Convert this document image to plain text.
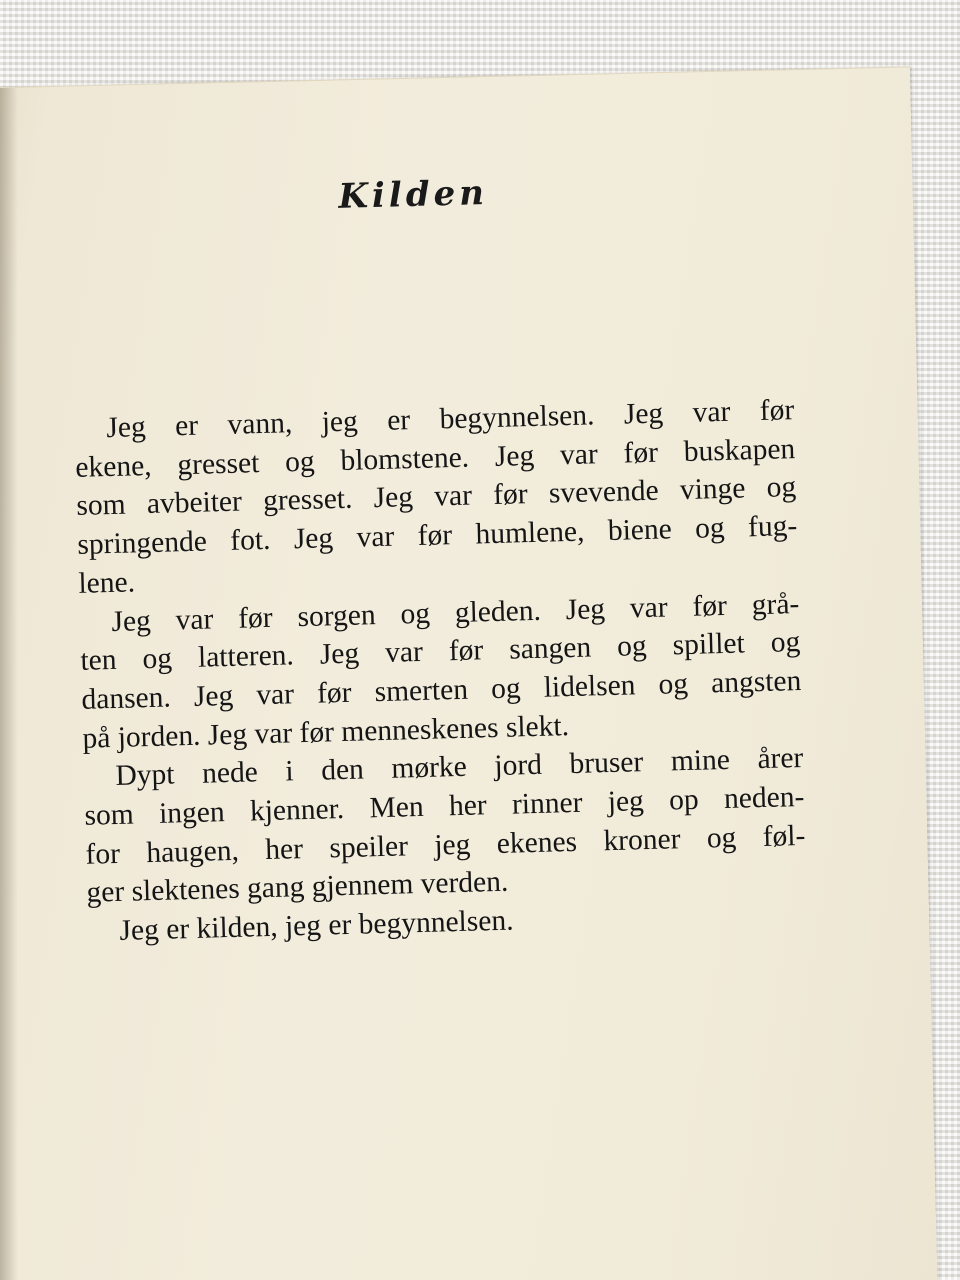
Kilden

Jeg er vann, jeg er begynnelsen. Jeg var før

ekene, gresset og blomstene. Jeg var før buskapen

som avbeiter gresset. Jeg var før svevende vinge og

springende fot. Jeg var før humlene, biene og fug-

lene.

Jeg var før sorgen og gleden. Jeg var før grå-

ten og latteren. Jeg var før sangen og spillet og

dansen. Jeg var før smerten og lidelsen og angsten

på jorden. Jeg var før menneskenes slekt.

Dypt nede i den mørke jord bruser mine årer

som ingen kjenner. Men her rinner jeg op neden-

for haugen, her speiler jeg ekenes kroner og føl-

ger slektenes gang gjennem verden.

Jeg er kilden, jeg er begynnelsen.
